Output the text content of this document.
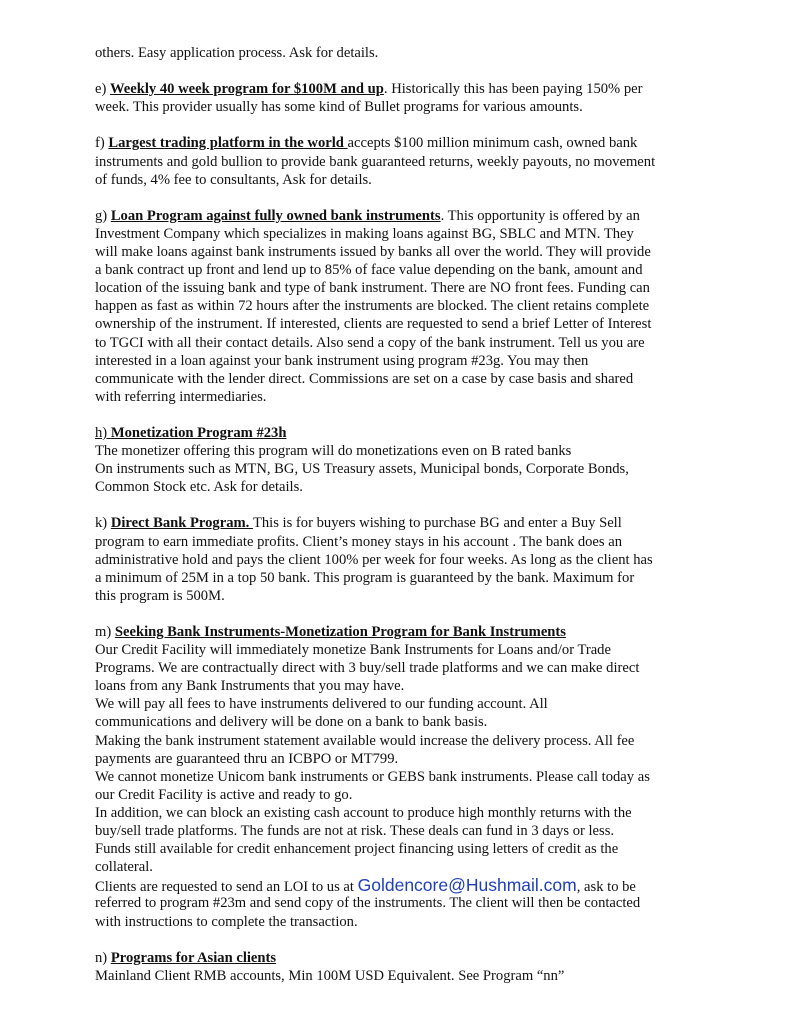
others. Easy application process. Ask for details.
e) Weekly 40 week program for $100M and up. Historically this has been paying 150% per
week. This provider usually has some kind of Bullet programs for various amounts.
f) Largest trading platform in the world accepts $100 million minimum cash, owned bank
instruments and gold bullion to provide bank guaranteed returns, weekly payouts, no movement
of funds, 4% fee to consultants, Ask for details.
g) Loan Program against fully owned bank instruments. This opportunity is offered by an
Investment Company which specializes in making loans against BG, SBLC and MTN. They
will make loans against bank instruments issued by banks all over the world. They will provide
a bank contract up front and lend up to 85% of face value depending on the bank, amount and
location of the issuing bank and type of bank instrument. There are NO front fees. Funding can
happen as fast as within 72 hours after the instruments are blocked. The client retains complete
ownership of the instrument. If interested, clients are requested to send a brief Letter of Interest
to TGCI with all their contact details. Also send a copy of the bank instrument. Tell us you are
interested in a loan against your bank instrument using program #23g. You may then
communicate with the lender direct. Commissions are set on a case by case basis and shared
with referring intermediaries.
h) Monetization Program #23h
The monetizer offering this program will do monetizations even on B rated banks
On instruments such as MTN, BG, US Treasury assets, Municipal bonds, Corporate Bonds,
Common Stock etc. Ask for details.
k) Direct Bank Program. This is for buyers wishing to purchase BG and enter a Buy Sell
program to earn immediate profits. Client’s money stays in his account . The bank does an
administrative hold and pays the client 100% per week for four weeks. As long as the client has
a minimum of 25M in a top 50 bank. This program is guaranteed by the bank. Maximum for
this program is 500M.
m) Seeking Bank Instruments-Monetization Program for Bank Instruments
Our Credit Facility will immediately monetize Bank Instruments for Loans and/or Trade
Programs. We are contractually direct with 3 buy/sell trade platforms and we can make direct
loans from any Bank Instruments that you may have.
We will pay all fees to have instruments delivered to our funding account. All
communications and delivery will be done on a bank to bank basis.
Making the bank instrument statement available would increase the delivery process. All fee
payments are guaranteed thru an ICBPO or MT799.
We cannot monetize Unicom bank instruments or GEBS bank instruments. Please call today as
our Credit Facility is active and ready to go.
In addition, we can block an existing cash account to produce high monthly returns with the
buy/sell trade platforms. The funds are not at risk. These deals can fund in 3 days or less.
Funds still available for credit enhancement project financing using letters of credit as the
collateral.
Clients are requested to send an LOI to us at Goldencore@Hushmail.com, ask to be
referred to program #23m and send copy of the instruments. The client will then be contacted
with instructions to complete the transaction.
n) Programs for Asian clients
Mainland Client RMB accounts, Min 100M USD Equivalent. See Program “nn”
